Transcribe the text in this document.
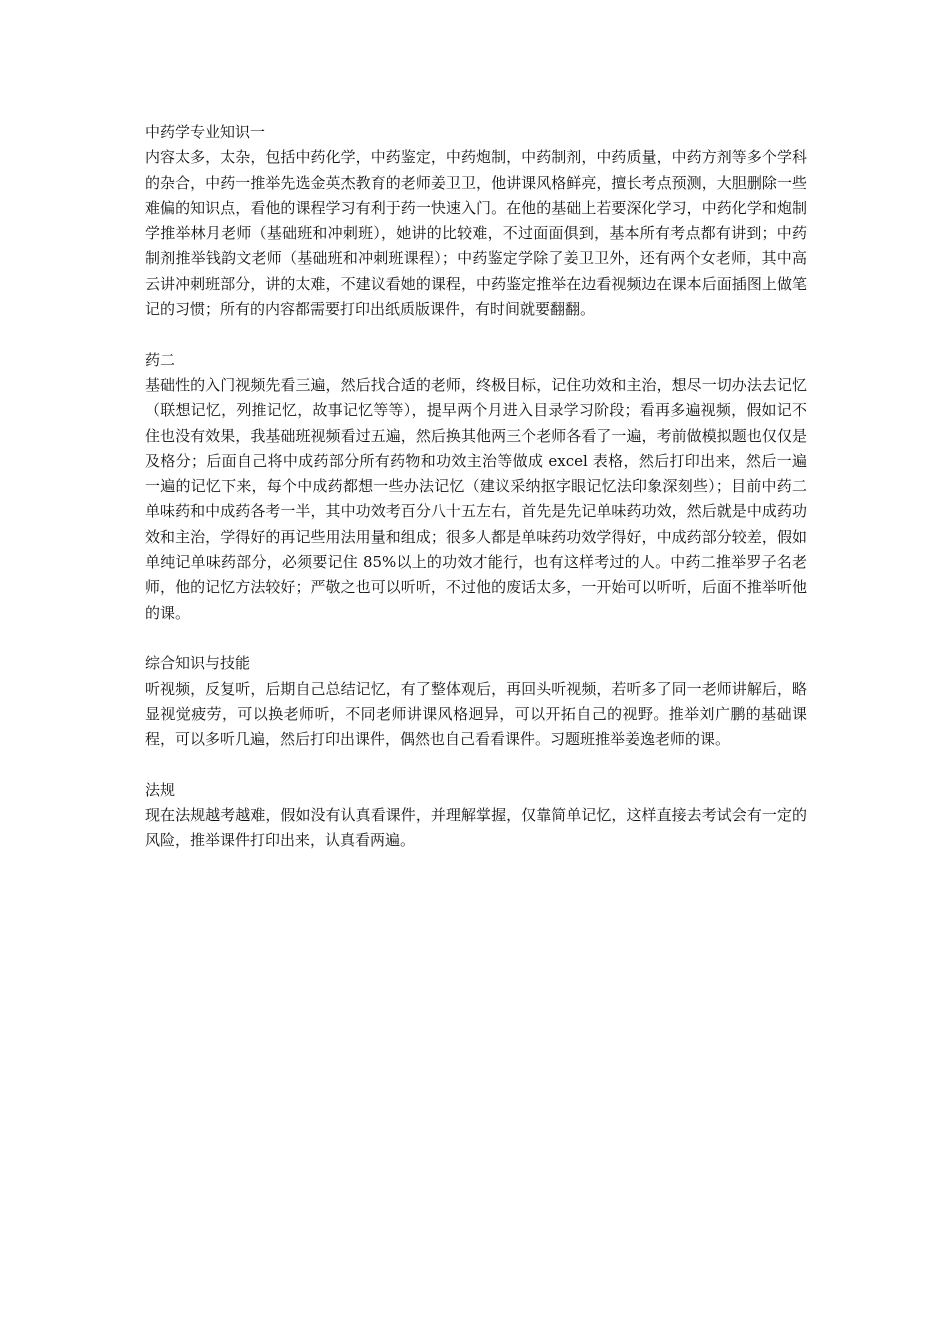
中药学专业知识一
内容太多，太杂，包括中药化学，中药鉴定，中药炮制，中药制剂，中药质量，中药方剂等多个学科的杂合，中药一推举先选金英杰教育的老师姜卫卫，他讲课风格鲜亮，擅长考点预测，大胆删除一些难偏的知识点，看他的课程学习有利于药一快速入门。在他的基础上若要深化学习，中药化学和炮制学推举林月老师（基础班和冲刺班），她讲的比较难，不过面面俱到，基本所有考点都有讲到；中药制剂推举钱韵文老师（基础班和冲刺班课程）；中药鉴定学除了姜卫卫外，还有两个女老师，其中高云讲冲刺班部分，讲的太难，不建议看她的课程，中药鉴定推举在边看视频边在课本后面插图上做笔记的习惯；所有的内容都需要打印出纸质版课件，有时间就要翻翻。
药二
基础性的入门视频先看三遍，然后找合适的老师，终极目标，记住功效和主治，想尽一切办法去记忆（联想记忆，列推记忆，故事记忆等等），提早两个月进入目录学习阶段；看再多遍视频，假如记不住也没有效果，我基础班视频看过五遍，然后换其他两三个老师各看了一遍，考前做模拟题也仅仅是及格分；后面自己将中成药部分所有药物和功效主治等做成 excel 表格，然后打印出来，然后一遍一遍的记忆下来，每个中成药都想一些办法记忆（建议采纳抠字眼记忆法印象深刻些）；目前中药二单味药和中成药各考一半，其中功效考百分八十五左右，首先是先记单味药功效，然后就是中成药功效和主治，学得好的再记些用法用量和组成；很多人都是单味药功效学得好，中成药部分较差，假如单纯记单味药部分，必须要记住 85%以上的功效才能行，也有这样考过的人。中药二推举罗子名老师，他的记忆方法较好；严敬之也可以听听，不过他的废话太多，一开始可以听听，后面不推举听他的课。
综合知识与技能
听视频，反复听，后期自己总结记忆，有了整体观后，再回头听视频，若听多了同一老师讲解后，略显视觉疲劳，可以换老师听，不同老师讲课风格迥异，可以开拓自己的视野。推举刘广鹏的基础课程，可以多听几遍，然后打印出课件，偶然也自己看看课件。习题班推举姜逸老师的课。
法规
现在法规越考越难，假如没有认真看课件，并理解掌握，仅靠简单记忆，这样直接去考试会有一定的风险，推举课件打印出来，认真看两遍。
